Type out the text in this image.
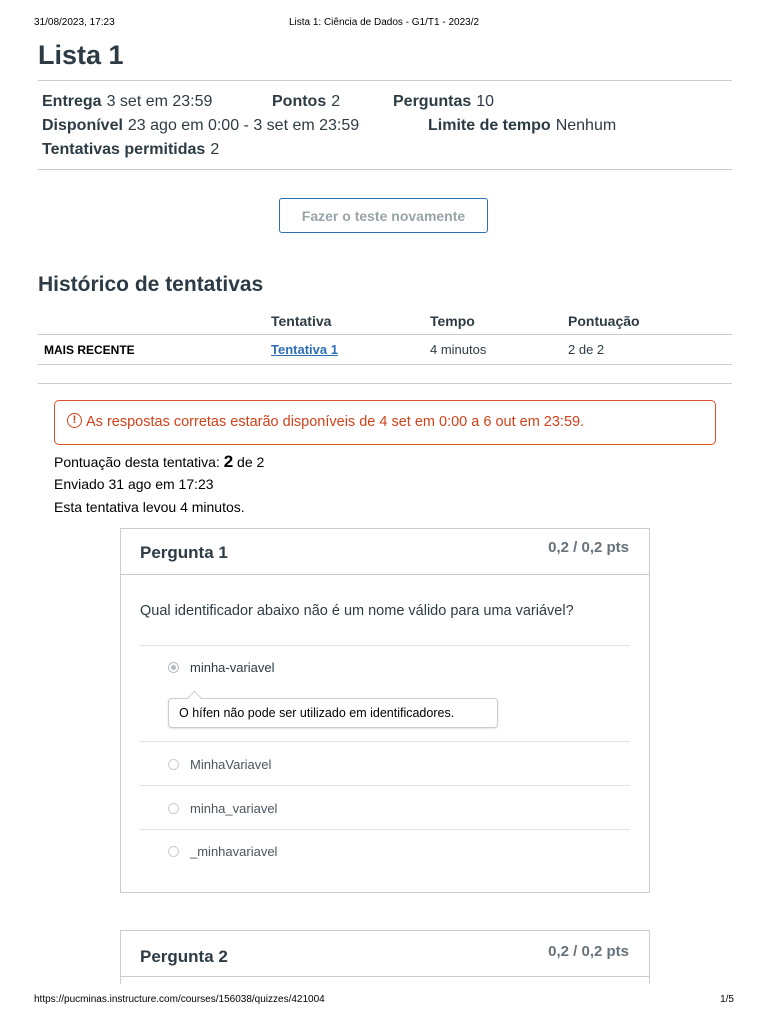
31/08/2023, 17:23	Lista 1: Ciência de Dados - G1/T1 - 2023/2
Lista 1
Entrega 3 set em 23:59	Pontos 2	Perguntas 10
Disponível 23 ago em 0:00 - 3 set em 23:59	Limite de tempo Nenhum
Tentativas permitidas 2
Fazer o teste novamente
Histórico de tentativas
	Tentativa	Tempo	Pontuação
MAIS RECENTE	Tentativa 1	4 minutos	2 de 2
! As respostas corretas estarão disponíveis de 4 set em 0:00 a 6 out em 23:59.
Pontuação desta tentativa: 2 de 2
Enviado 31 ago em 17:23
Esta tentativa levou 4 minutos.
Pergunta 1	0,2 / 0,2 pts
Qual identificador abaixo não é um nome válido para uma variável?
minha-variavel
O hífen não pode ser utilizado em identificadores.
MinhaVariavel
minha_variavel
_minhavariavel
Pergunta 2	0,2 / 0,2 pts
https://pucminas.instructure.com/courses/156038/quizzes/421004	1/5
